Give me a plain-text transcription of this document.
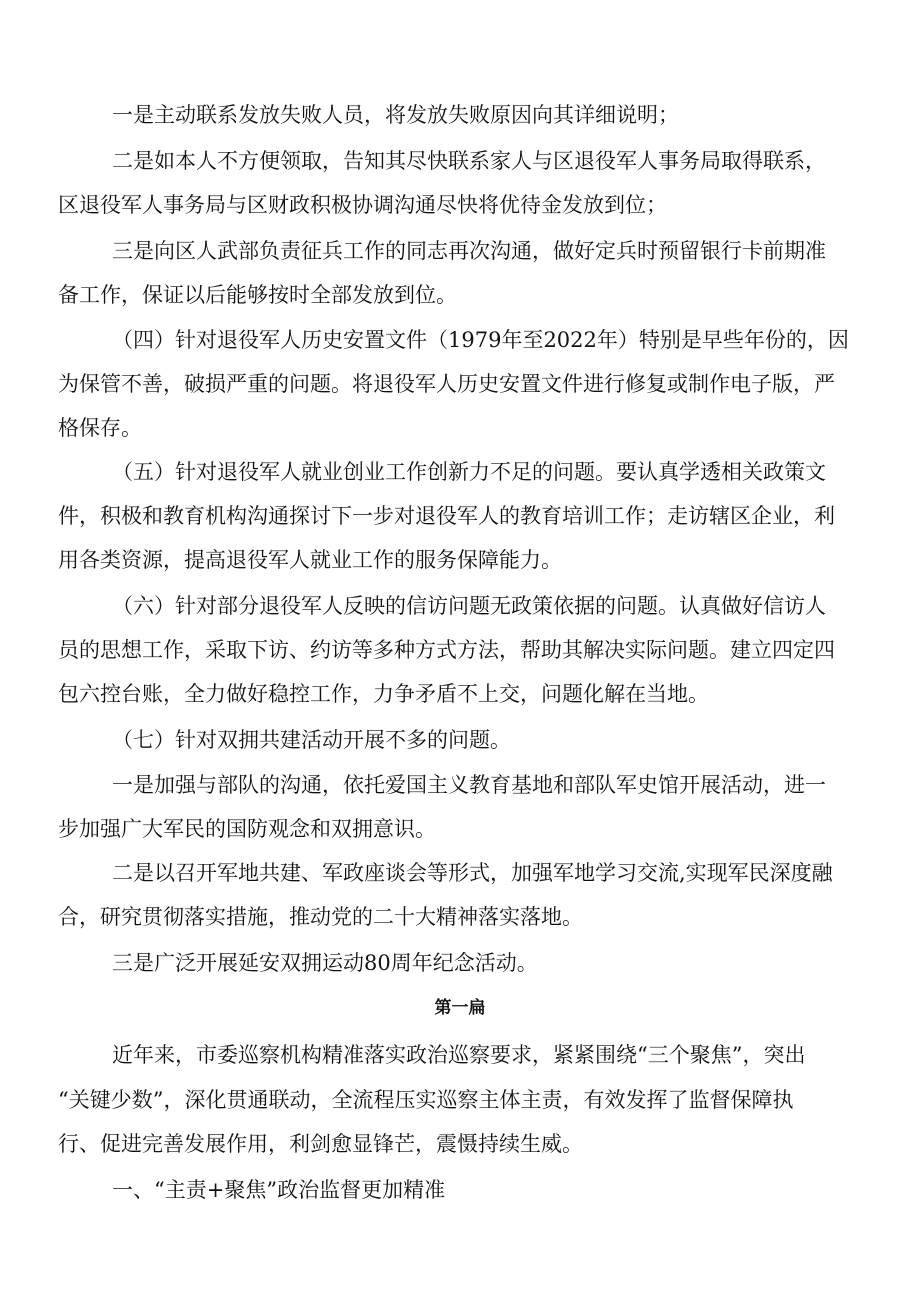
一是主动联系发放失败人员，将发放失败原因向其详细说明；
二是如本人不方便领取，告知其尽快联系家人与区退役军人事务局取得联系，
区退役军人事务局与区财政积极协调沟通尽快将优待金发放到位；
三是向区人武部负责征兵工作的同志再次沟通，做好定兵时预留银行卡前期准
备工作，保证以后能够按时全部发放到位。
（四）针对退役军人历史安置文件（1979年至2022年）特别是早些年份的，因
为保管不善，破损严重的问题。将退役军人历史安置文件进行修复或制作电子版，严
格保存。
（五）针对退役军人就业创业工作创新力不足的问题。要认真学透相关政策文
件，积极和教育机构沟通探讨下一步对退役军人的教育培训工作；走访辖区企业，利
用各类资源，提高退役军人就业工作的服务保障能力。
（六）针对部分退役军人反映的信访问题无政策依据的问题。认真做好信访人
员的思想工作，采取下访、约访等多种方式方法，帮助其解决实际问题。建立四定四
包六控台账，全力做好稳控工作，力争矛盾不上交，问题化解在当地。
（七）针对双拥共建活动开展不多的问题。
一是加强与部队的沟通，依托爱国主义教育基地和部队军史馆开展活动，进一
步加强广大军民的国防观念和双拥意识。
二是以召开军地共建、军政座谈会等形式，加强军地学习交流,实现军民深度融
合，研究贯彻落实措施，推动党的二十大精神落实落地。
三是广泛开展延安双拥运动80周年纪念活动。
第一扁
近年来，市委巡察机构精准落实政治巡察要求，紧紧围绕“三个聚焦”，突出
“关键少数”，深化贯通联动，全流程压实巡察主体主责，有效发挥了监督保障执
行、促进完善发展作用，利剑愈显锋芒，震慑持续生威。
一、“主责+聚焦”政治监督更加精准
